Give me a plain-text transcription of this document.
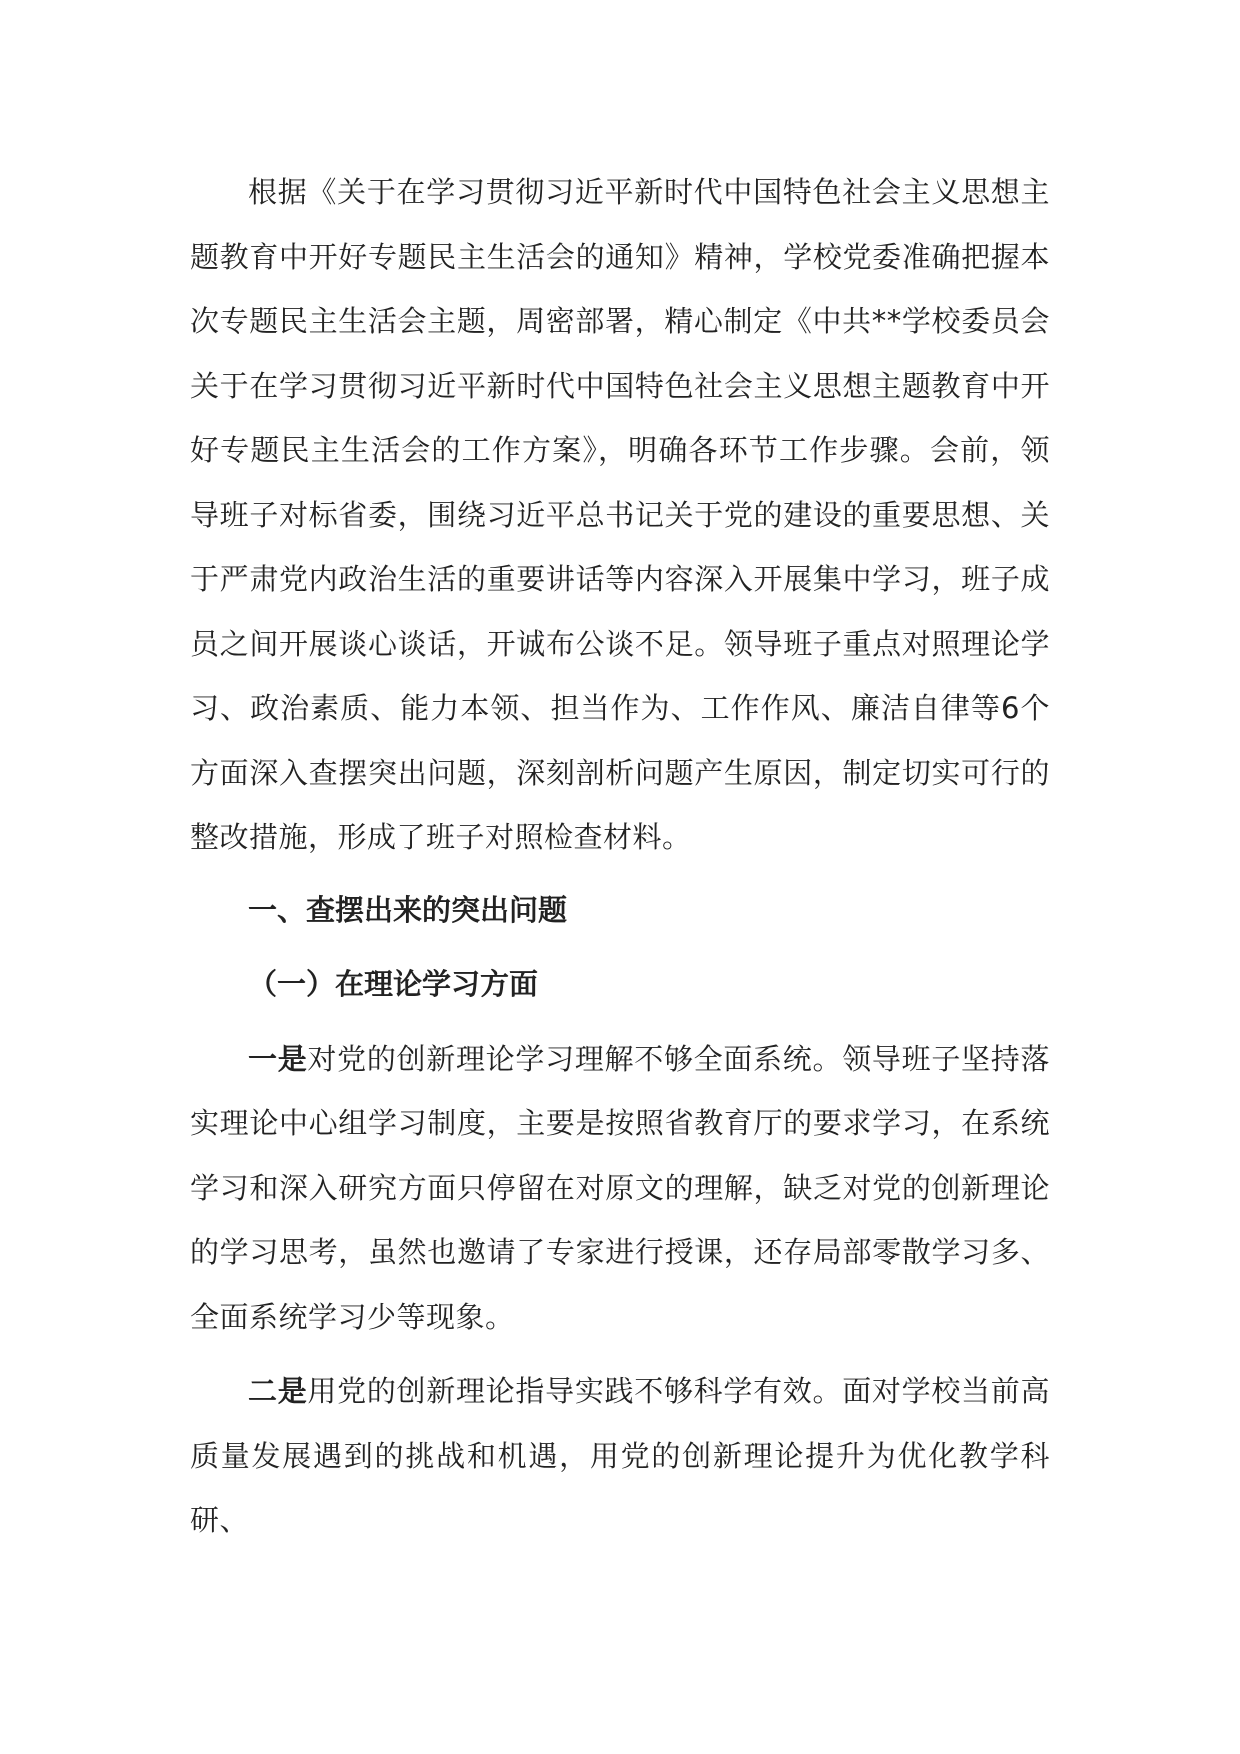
根据《关于在学习贯彻习近平新时代中国特色社会主义思想主题教育中开好专题民主生活会的通知》精神，学校党委准确把握本次专题民主生活会主题，周密部署，精心制定《中共**学校委员会关于在学习贯彻习近平新时代中国特色社会主义思想主题教育中开好专题民主生活会的工作方案》，明确各环节工作步骤。会前，领导班子对标省委，围绕习近平总书记关于党的建设的重要思想、关于严肃党内政治生活的重要讲话等内容深入开展集中学习，班子成员之间开展谈心谈话，开诚布公谈不足。领导班子重点对照理论学习、政治素质、能力本领、担当作为、工作作风、廉洁自律等6个方面深入查摆突出问题，深刻剖析问题产生原因，制定切实可行的整改措施，形成了班子对照检查材料。

一、查摆出来的突出问题

（一）在理论学习方面

一是对党的创新理论学习理解不够全面系统。领导班子坚持落实理论中心组学习制度，主要是按照省教育厅的要求学习，在系统学习和深入研究方面只停留在对原文的理解，缺乏对党的创新理论的学习思考，虽然也邀请了专家进行授课，还存局部零散学习多、全面系统学习少等现象。

二是用党的创新理论指导实践不够科学有效。面对学校当前高质量发展遇到的挑战和机遇，用党的创新理论提升为优化教学科研、
